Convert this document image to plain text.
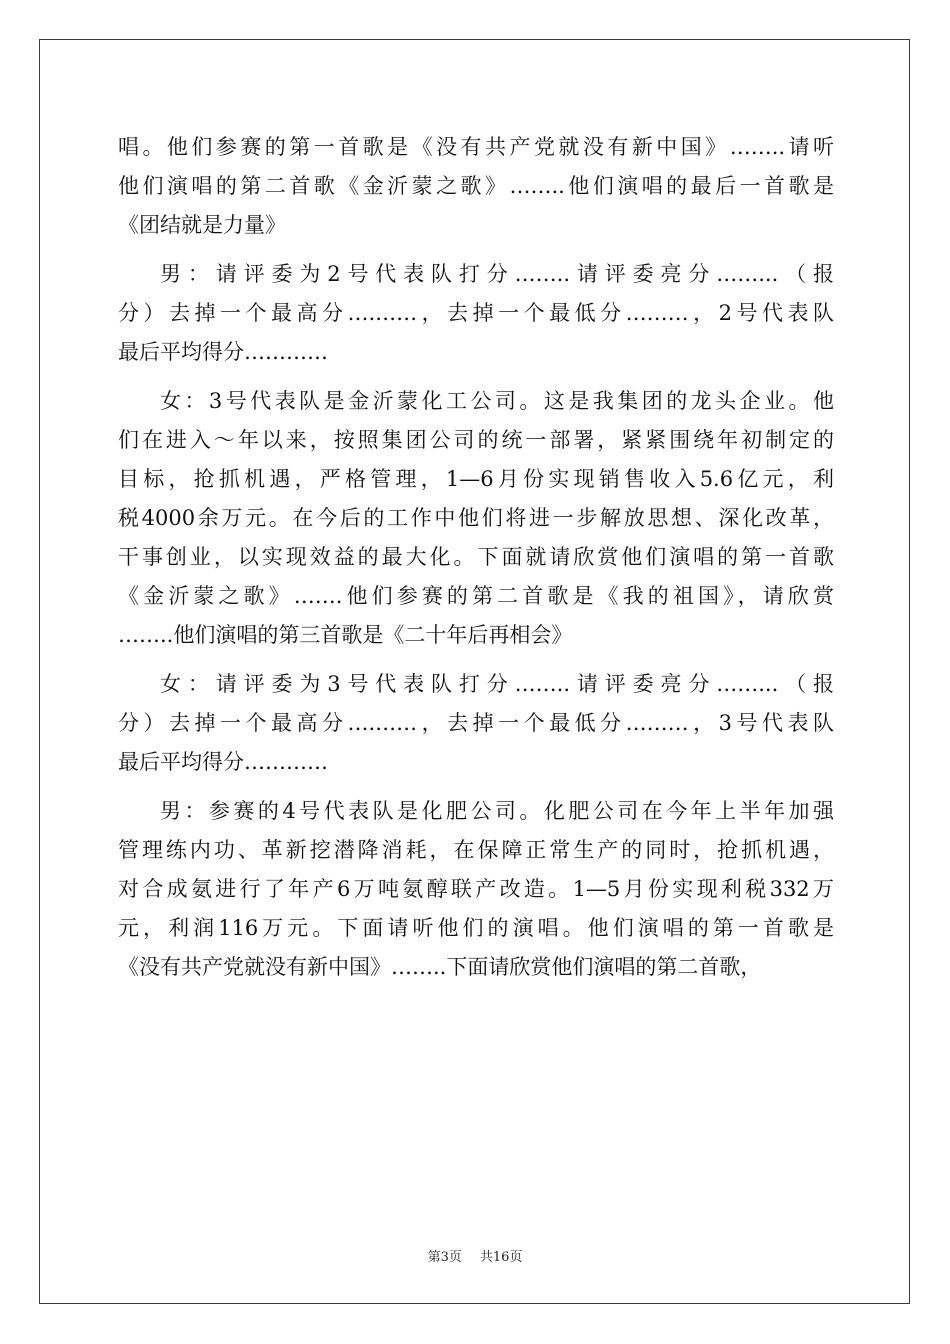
唱。他们参赛的第一首歌是《没有共产党就没有新中国》……..请听
他们演唱的第二首歌《金沂蒙之歌》……..他们演唱的最后一首歌是
《团结就是力量》
男：请评委为2号代表队打分……..请评委亮分……...（报
分）去掉一个最高分….……，去掉一个最低分………，2号代表队
最后平均得分…………
女：3号代表队是金沂蒙化工公司。这是我集团的龙头企业。他
们在进入～年以来，按照集团公司的统一部署，紧紧围绕年初制定的
目标，抢抓机遇，严格管理，1—6月份实现销售收入5.6亿元，利
税4000余万元。在今后的工作中他们将进一步解放思想、深化改革，
干事创业，以实现效益的最大化。下面就请欣赏他们演唱的第一首歌
《金沂蒙之歌》…….他们参赛的第二首歌是《我的祖国》，请欣赏
……..他们演唱的第三首歌是《二十年后再相会》
女：请评委为3号代表队打分……..请评委亮分……...（报
分）去掉一个最高分….……，去掉一个最低分………，3号代表队
最后平均得分…………
男：参赛的4号代表队是化肥公司。化肥公司在今年上半年加强
管理练内功、革新挖潜降消耗，在保障正常生产的同时，抢抓机遇，
对合成氨进行了年产6万吨氨醇联产改造。1—5月份实现利税332万
元，利润116万元。下面请听他们的演唱。他们演唱的第一首歌是
《没有共产党就没有新中国》……..下面请欣赏他们演唱的第二首歌，
第3页 共16页
